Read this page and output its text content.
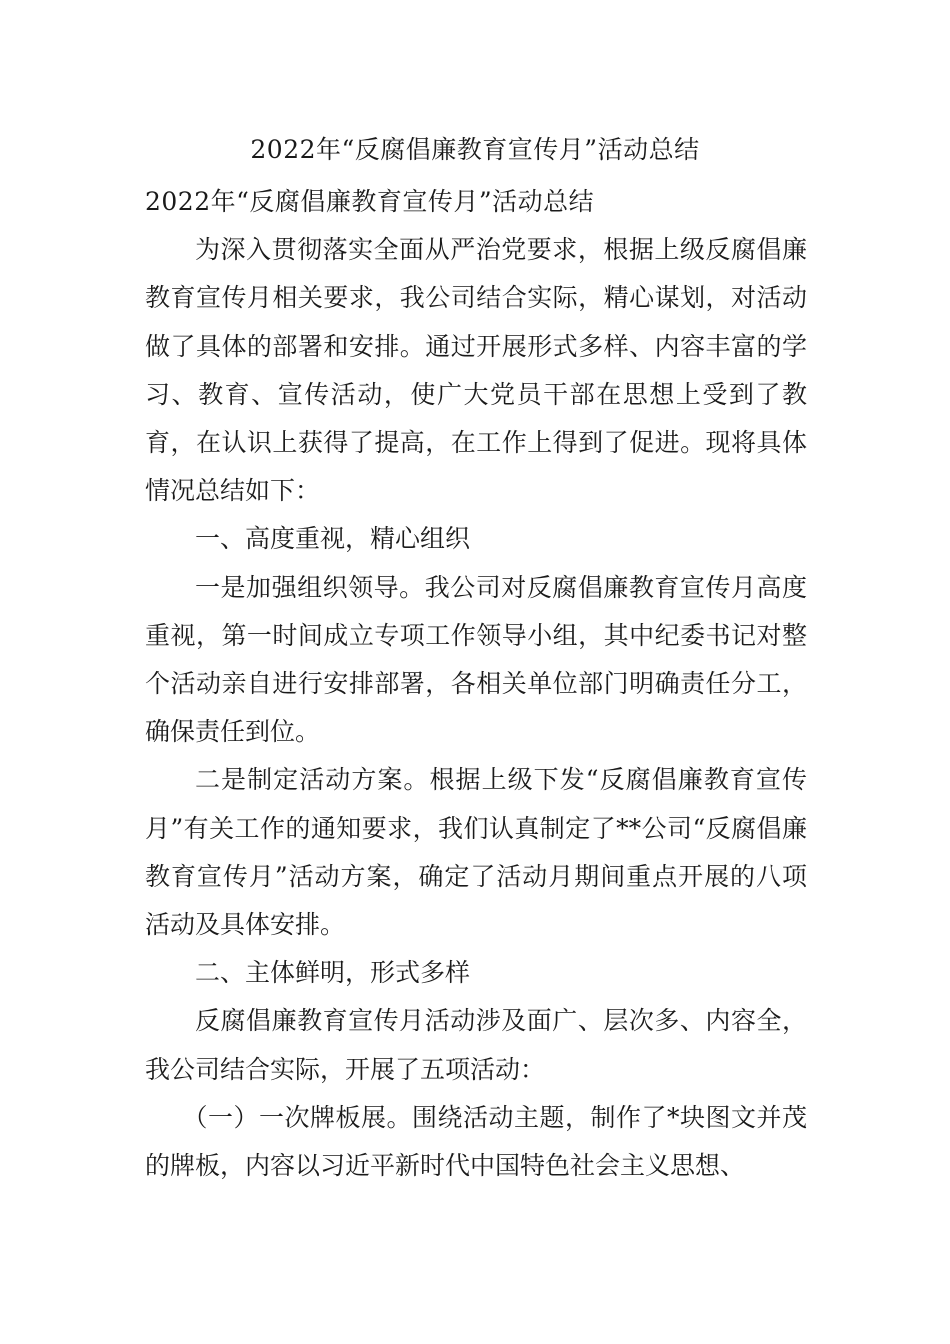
2022年“反腐倡廉教育宣传月”活动总结

2022年“反腐倡廉教育宣传月”活动总结

为深入贯彻落实全面从严治党要求，根据上级反腐倡廉教育宣传月相关要求，我公司结合实际，精心谋划，对活动做了具体的部署和安排。通过开展形式多样、内容丰富的学习、教育、宣传活动，使广大党员干部在思想上受到了教育，在认识上获得了提高，在工作上得到了促进。现将具体情况总结如下：

一、高度重视，精心组织

一是加强组织领导。我公司对反腐倡廉教育宣传月高度重视，第一时间成立专项工作领导小组，其中纪委书记对整个活动亲自进行安排部署，各相关单位部门明确责任分工，确保责任到位。

二是制定活动方案。根据上级下发“反腐倡廉教育宣传月”有关工作的通知要求，我们认真制定了**公司“反腐倡廉教育宣传月”活动方案，确定了活动月期间重点开展的八项活动及具体安排。

二、主体鲜明，形式多样

反腐倡廉教育宣传月活动涉及面广、层次多、内容全，我公司结合实际，开展了五项活动：

（一）一次牌板展。围绕活动主题，制作了*块图文并茂的牌板，内容以习近平新时代中国特色社会主义思想、
